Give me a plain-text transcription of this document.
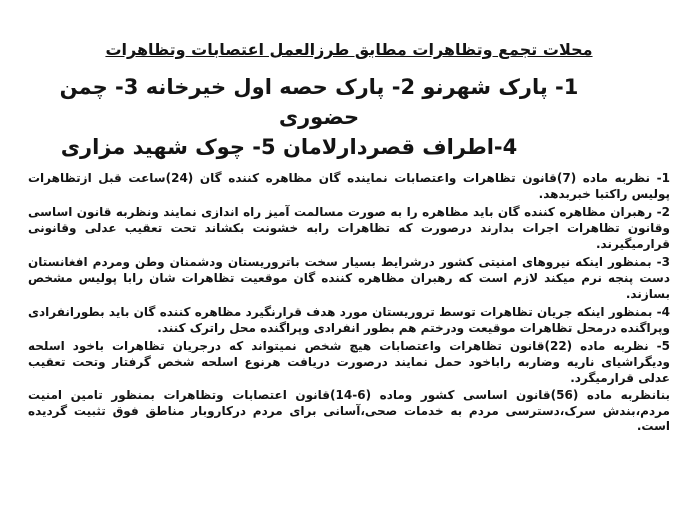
محلات تجمع وتظاهرات مطابق طرزالعمل اعتصابات وتظاهرات
1- پارک شهرنو 2- پارک حصه اول خیرخانه 3- چمن حضوری
4-اطراف قصردارلامان 5- چوک شهید مزاری

1- نظربه ماده (7)قانون تظاهرات واعتصابات نماینده گان مظاهره کننده گان (24)ساعت قبل ازتظاهرات پولیس راکتبا خبربدهد.

2- رهبران مظاهره کننده گان باید مظاهره را به صورت مسالمت آمیز راه اندازی نمایند ونظربه قانون اساسی وقانون تظاهرات اجرات بدارند درصورت که تظاهرات رابه خشونت بکشاند تحت تعقیب عدلی وقانونی قرارمیگیرند.

3- بمنظور اینکه نیروهای امنیتی کشور درشرایط بسیار سخت باتروریستان ودشمنان وطن ومردم افغانستان دست پنجه نرم میکند لازم است که رهبران مظاهره کننده گان موقعیت تظاهرات شان رابا پولیس مشخص بسازند.

4- بمنظور اینکه جریان تظاهرات توسط تروریستان مورد هدف قرارنگیرد مظاهره کننده گان باید بطورانفرادی وپراگنده درمحل تظاهرات موقیعت ودرختم هم بطور انفرادی وپراگنده محل راترک کنند.

5- نظربه ماده (22)قانون تظاهرات واعتصابات هیچ شخص نمیتواند که درجریان تظاهرات باخود اسلحه وديگراشیای ناریه وضاربه راباخود حمل نمایند درصورت دریافت هرنوع اسلحه شخص گرفتار وتحت تعقیب عدلی قرارمیگرد.

بنانظربه ماده (56)قانون اساسی کشور وماده (6-14)قانون اعتصابات وتظاهرات بمنظور تامین امنیت مردم،بندش سرک،دسترسی مردم به خدمات صحی،آسانی برای مردم درکاروبار مناطق فوق تثبیت گردیده است.
